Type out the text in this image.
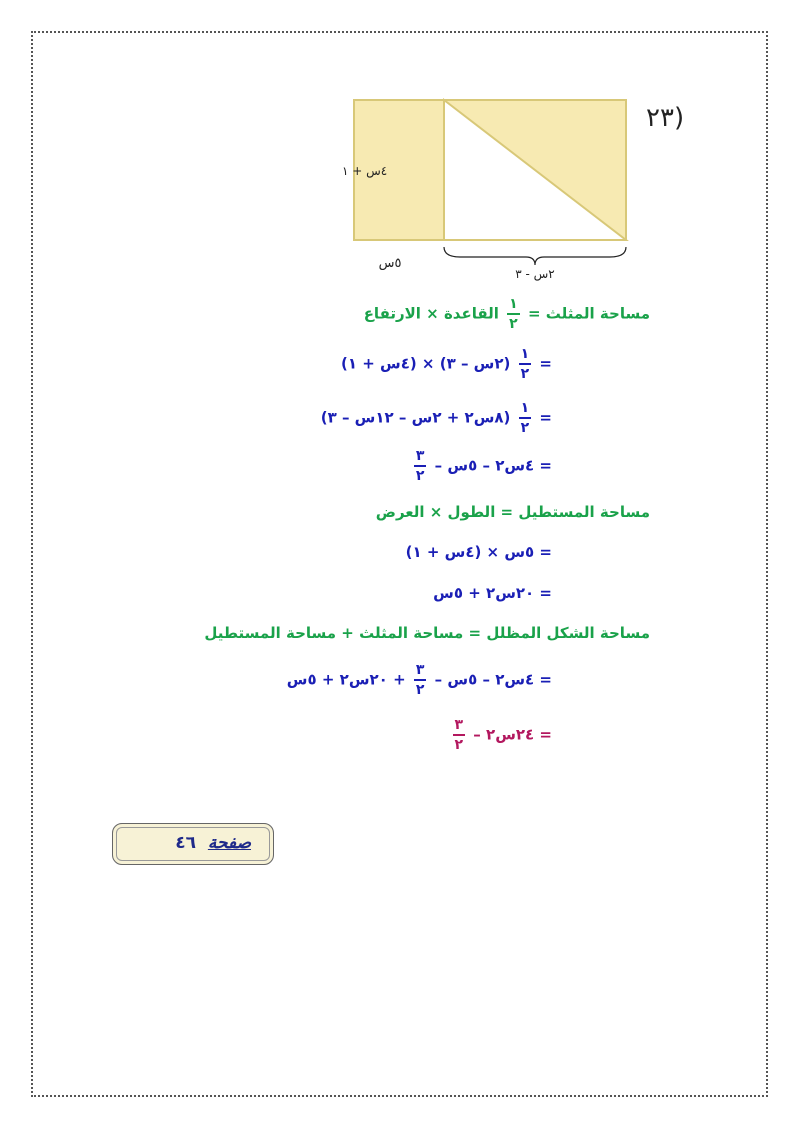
(٢٣
٤س + ١
٥س
٢س - ٣
مساحة المثلث =
$\frac{١}{٢}$
القاعدة × الارتفاع
=
$\frac{١}{٢}$
(٢س – ٣) × (٤س + ١)
=
$\frac{١}{٢}$
(٨س٢ + ٢س – ١٢س – ٣)
= ٤س٢ – ٥س –
$\frac{٣}{٢}$
مساحة المستطيل = الطول × العرض
= ٥س × (٤س + ١)
= ٢٠س٢ + ٥س
مساحة الشكل المظلل = مساحة المثلث + مساحة المستطيل
= ٤س٢ – ٥س –
$\frac{٣}{٢}$
+ ٢٠س٢ + ٥س
= ٢٤س٢ –
$\frac{٣}{٢}$
صفحة  ٤٦
